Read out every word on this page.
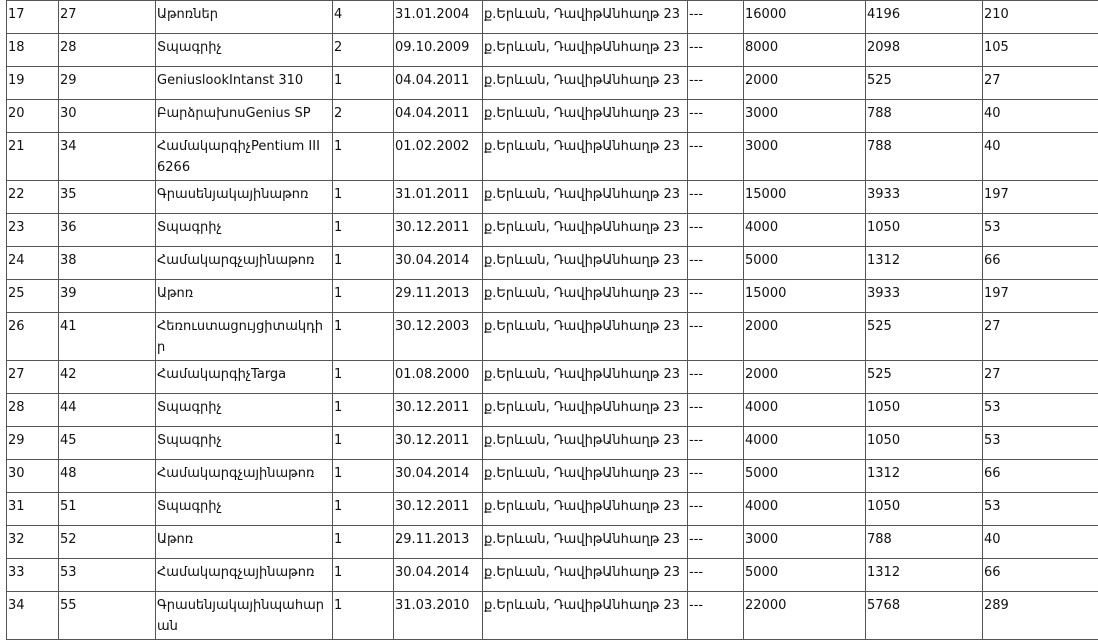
17	27	Աթոռներ	4	31.01.2004	ք.Երևան, ԴավիթԱնհաղթ 23	---	16000	4196	210
18	28	Տպագրիչ	2	09.10.2009	ք.Երևան, ԴավիթԱնհաղթ 23	---	8000	2098	105
19	29	GeniuslookIntanst 310	1	04.04.2011	ք.Երևան, ԴավիթԱնհաղթ 23	---	2000	525	27
20	30	ԲարձրախոսGenius SP	2	04.04.2011	ք.Երևան, ԴավիթԱնհաղթ 23	---	3000	788	40
21	34	ՀամակարգիչPentium III 6266	1	01.02.2002	ք.Երևան, ԴավիթԱնհաղթ 23	---	3000	788	40
22	35	Գրասենյակայինաթոռ	1	31.01.2011	ք.Երևան, ԴավիթԱնհաղթ 23	---	15000	3933	197
23	36	Տպագրիչ	1	30.12.2011	ք.Երևան, ԴավիթԱնհաղթ 23	---	4000	1050	53
24	38	Համակարգչայինաթոռ	1	30.04.2014	ք.Երևան, ԴավիթԱնհաղթ 23	---	5000	1312	66
25	39	Աթոռ	1	29.11.2013	ք.Երևան, ԴավիթԱնհաղթ 23	---	15000	3933	197
26	41	Հեռուստացույցիտակդիր	1	30.12.2003	ք.Երևան, ԴավիթԱնհաղթ 23	---	2000	525	27
27	42	ՀամակարգիչTarga	1	01.08.2000	ք.Երևան, ԴավիթԱնհաղթ 23	---	2000	525	27
28	44	Տպագրիչ	1	30.12.2011	ք.Երևան, ԴավիթԱնհաղթ 23	---	4000	1050	53
29	45	Տպագրիչ	1	30.12.2011	ք.Երևան, ԴավիթԱնհաղթ 23	---	4000	1050	53
30	48	Համակարգչայինաթոռ	1	30.04.2014	ք.Երևան, ԴավիթԱնհաղթ 23	---	5000	1312	66
31	51	Տպագրիչ	1	30.12.2011	ք.Երևան, ԴավիթԱնհաղթ 23	---	4000	1050	53
32	52	Աթոռ	1	29.11.2013	ք.Երևան, ԴավիթԱնհաղթ 23	---	3000	788	40
33	53	Համակարգչայինաթոռ	1	30.04.2014	ք.Երևան, ԴավիթԱնհաղթ 23	---	5000	1312	66
34	55	Գրասենյակայինպահարան	1	31.03.2010	ք.Երևան, ԴավիթԱնհաղթ 23	---	22000	5768	289
